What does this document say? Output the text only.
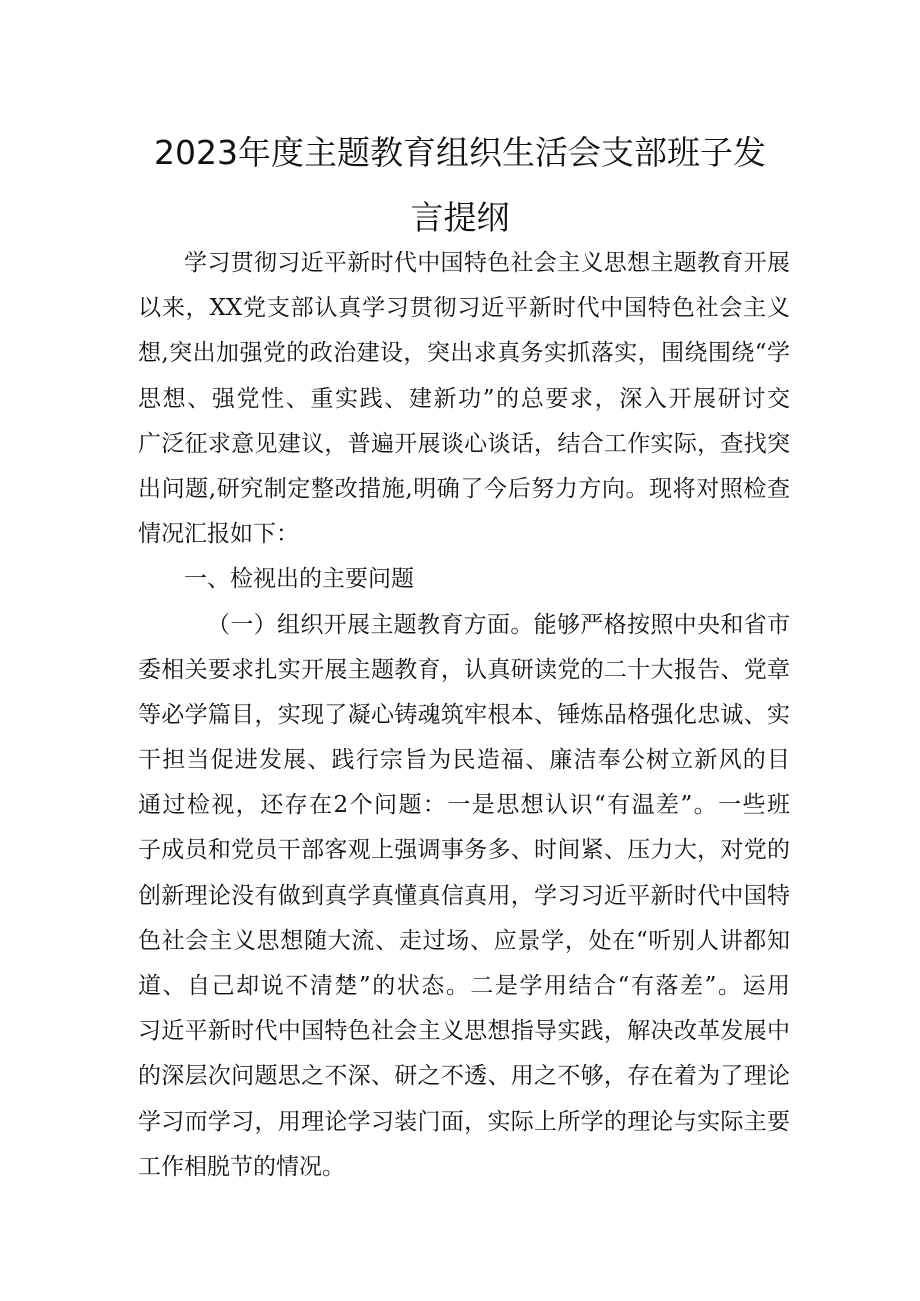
2023年度主题教育组织生活会支部班子发
言提纲
学习贯彻习近平新时代中国特色社会主义思想主题教育开展
以来，XX党支部认真学习贯彻习近平新时代中国特色社会主义
想,突出加强党的政治建设，突出求真务实抓落实，围绕围绕“学
思想、强党性、重实践、建新功”的总要求，深入开展研讨交
广泛征求意见建议，普遍开展谈心谈话，结合工作实际，查找突
出问题,研究制定整改措施,明确了今后努力方向。现将对照检查
情况汇报如下：
一、检视出的主要问题
（一）组织开展主题教育方面。能够严格按照中央和省市
委相关要求扎实开展主题教育，认真研读党的二十大报告、党章
等必学篇目，实现了凝心铸魂筑牢根本、锤炼品格强化忠诚、实
干担当促进发展、践行宗旨为民造福、廉洁奉公树立新风的目
通过检视，还存在2个问题：一是思想认识“有温差”。一些班
子成员和党员干部客观上强调事务多、时间紧、压力大，对党的
创新理论没有做到真学真懂真信真用，学习习近平新时代中国特
色社会主义思想随大流、走过场、应景学，处在“听别人讲都知
道、自己却说不清楚”的状态。二是学用结合“有落差”。运用
习近平新时代中国特色社会主义思想指导实践，解决改革发展中
的深层次问题思之不深、研之不透、用之不够，存在着为了理论
学习而学习，用理论学习装门面，实际上所学的理论与实际主要
工作相脱节的情况。
